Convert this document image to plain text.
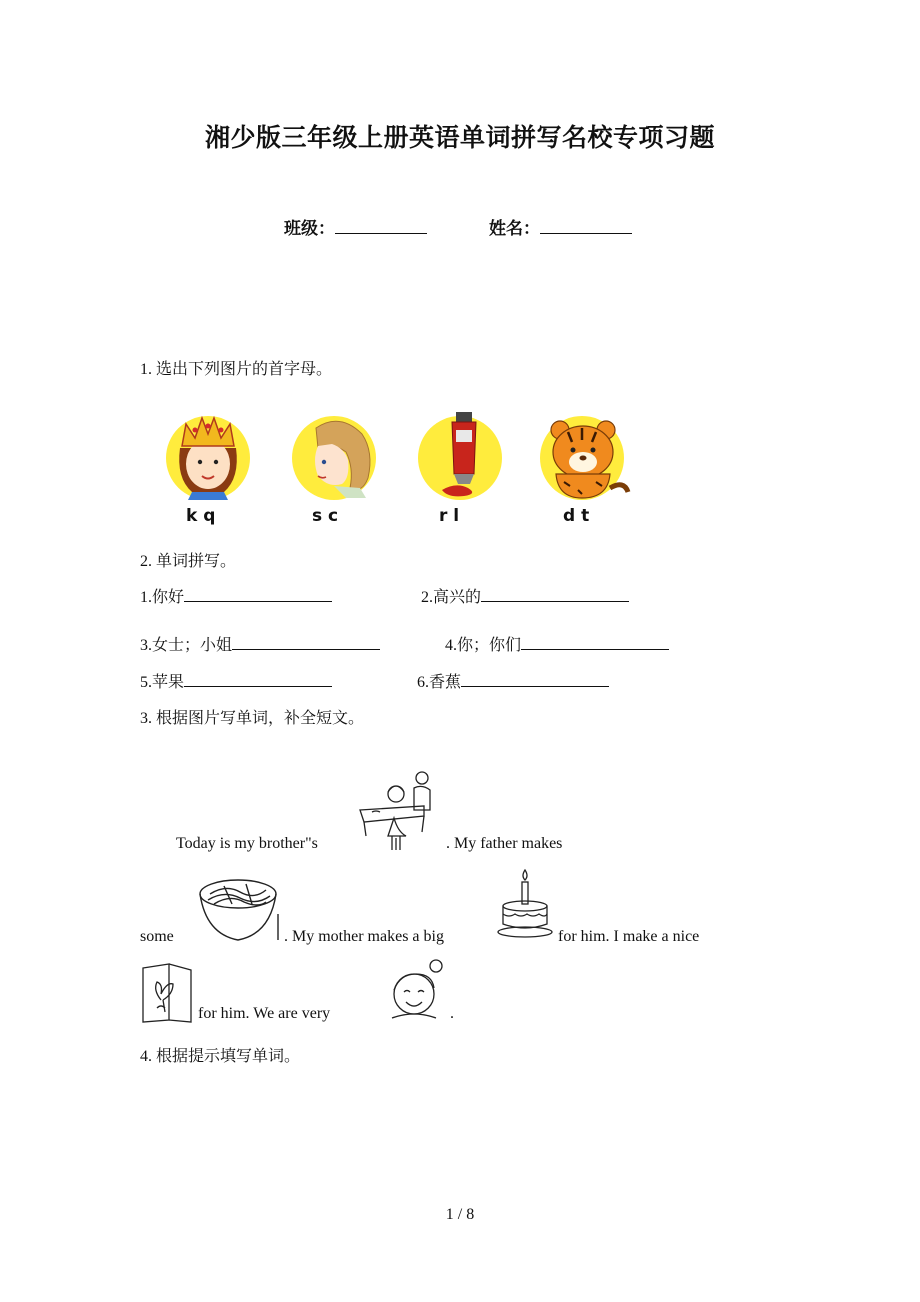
湘少版三年级上册英语单词拼写名校专项习题
班级：	姓名：
1. 选出下列图片的首字母。
k q	s c	r l	d t
2. 单词拼写。
1.你好	2.高兴的
3.女士；小姐	4.你；你们
5.苹果	6.香蕉
3. 根据图片写单词，补全短文。
Today is my brother"s	. My father makes
some	. My mother makes a big	for him. I make a nice
for him. We are very	.
4. 根据提示填写单词。
1 / 8
